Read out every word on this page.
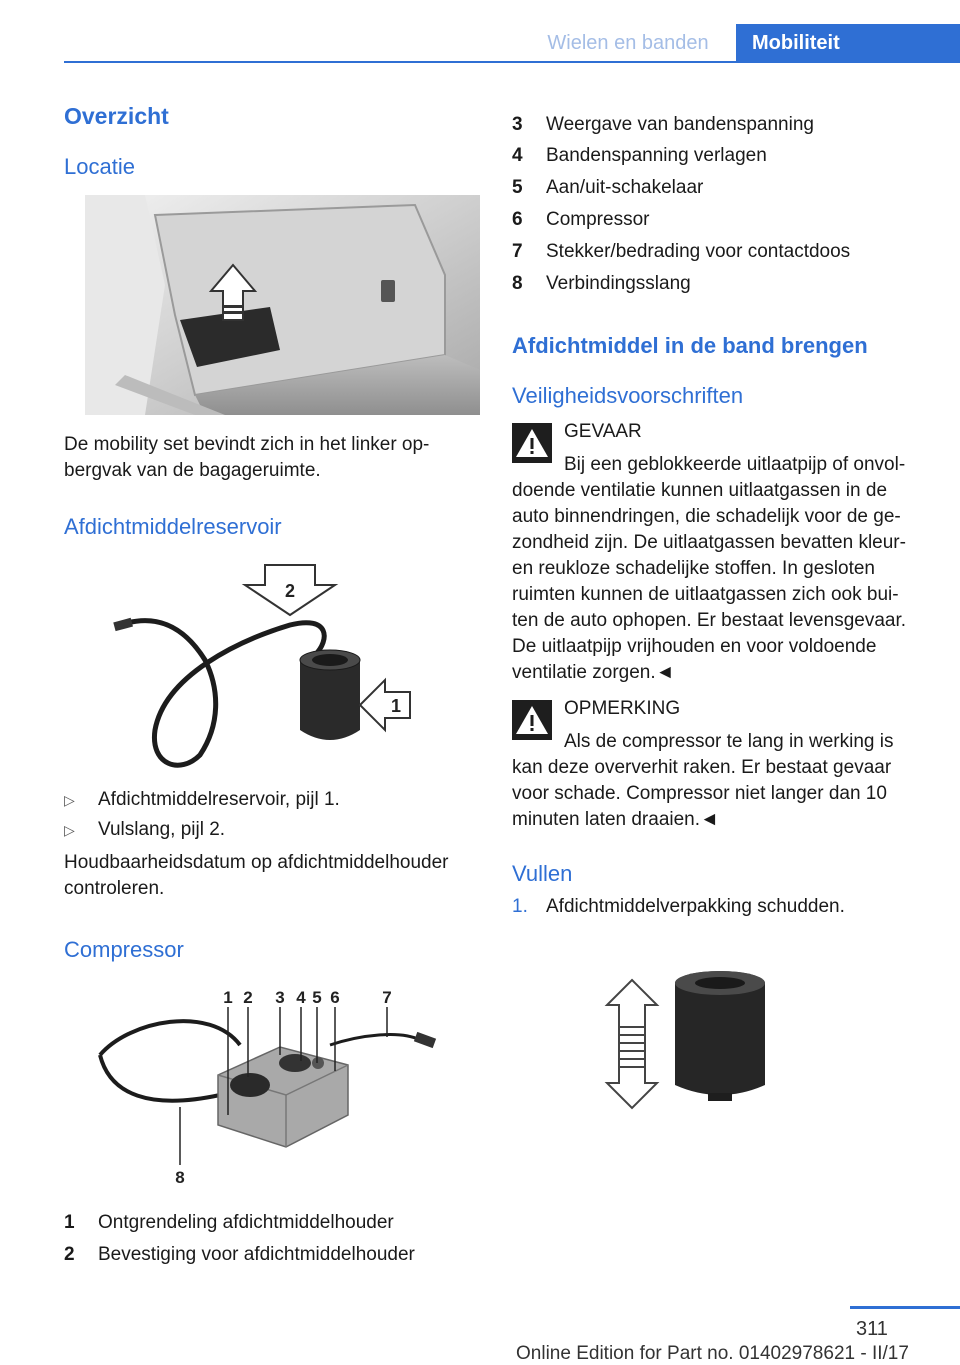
Wielen en banden	Mobiliteit
Overzicht
Locatie
De mobility set bevindt zich in het linker op-
bergvak van de bagageruimte.
Afdichtmiddelreservoir
2
1
▷ Afdichtmiddelreservoir, pijl 1.
▷ Vulslang, pijl 2.
Houdbaarheidsdatum op afdichtmiddelhouder
controleren.
Compressor
1 2 3 4 5 6	7
8
1 Ontgrendeling afdichtmiddelhouder
2 Bevestiging voor afdichtmiddelhouder
3 Weergave van bandenspanning
4 Bandenspanning verlagen
5 Aan/uit-schakelaar
6 Compressor
7 Stekker/bedrading voor contactdoos
8 Verbindingsslang
Afdichtmiddel in de band brengen
Veiligheidsvoorschriften
GEVAAR
Bij een geblokkeerde uitlaatpijp of onvol-
doende ventilatie kunnen uitlaatgassen in de
auto binnendringen, die schadelijk voor de ge-
zondheid zijn. De uitlaatgassen bevatten kleur-
en reukloze schadelijke stoffen. In gesloten
ruimten kunnen de uitlaatgassen zich ook bui-
ten de auto ophopen. Er bestaat levensgevaar.
De uitlaatpijp vrijhouden en voor voldoende
ventilatie zorgen.◄
OPMERKING
Als de compressor te lang in werking is
kan deze oververhit raken. Er bestaat gevaar
voor schade. Compressor niet langer dan 10
minuten laten draaien.◄
Vullen
1. Afdichtmiddelverpakking schudden.
311
Online Edition for Part no. 01402978621 - II/17
